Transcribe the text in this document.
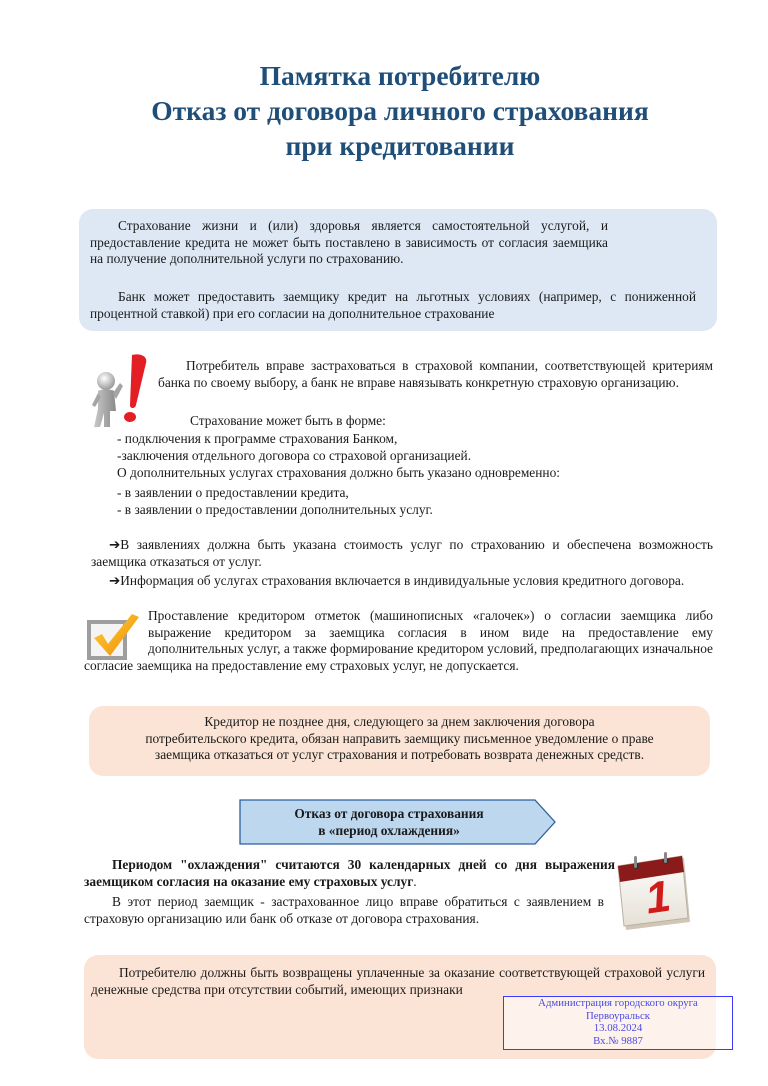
Памятка потребителю
Отказ от договора личного страхования
при кредитовании

Страхование жизни и (или) здоровья является самостоятельной услугой, и предоставление кредита не может быть поставлено в зависимость от согласия заемщика на получение дополнительной услуги по страхованию.

Банк может предоставить заемщику кредит на льготных условиях (например, с пониженной процентной ставкой) при его согласии на дополнительное страхование

Потребитель вправе застраховаться в страховой компании, соответствующей критериям банка по своему выбору, а банк не вправе навязывать конкретную страховую организацию.

Страхование может быть в форме:

- подключения к программе страхования Банком,

-заключения отдельного договора со страховой организацией.

О дополнительных услугах страхования должно быть указано одновременно:

- в заявлении о предоставлении кредита,

- в заявлении о предоставлении дополнительных услуг.

➔В заявлениях должна быть указана стоимость услуг по страхованию и обеспечена возможность заемщика отказаться от услуг.

➔Информация об услугах страхования включается в индивидуальные условия кредитного договора.

Проставление кредитором отметок (машинописных «галочек») о согласии заемщика либо выражение кредитором за заемщика согласия в ином виде на предоставление ему дополнительных услуг, а также формирование кредитором условий, предполагающих изначальное согласие заемщика на предоставление ему страховых услуг, не допускается.

Кредитор не позднее дня, следующего за днем заключения договора
потребительского кредита, обязан направить заемщику письменное уведомление о праве
заемщика отказаться от услуг страхования и потребовать возврата денежных средств.
Отказ от договора страхования
в «период охлаждения»

Периодом "охлаждения" считаются 30 календарных дней со дня выражения заемщиком согласия на оказание ему страховых услуг.

В этот период заемщик - застрахованное лицо вправе обратиться с заявлением в страховую организацию или банк об отказе от договора страхования.	1

Потребителю должны быть возвращены уплаченные за оказание соответствующей страховой услуги денежные средства при отсутствии событий, имеющих признаки

Администрация городского округа
Первоуральск
13.08.2024
Вх.№ 9887
